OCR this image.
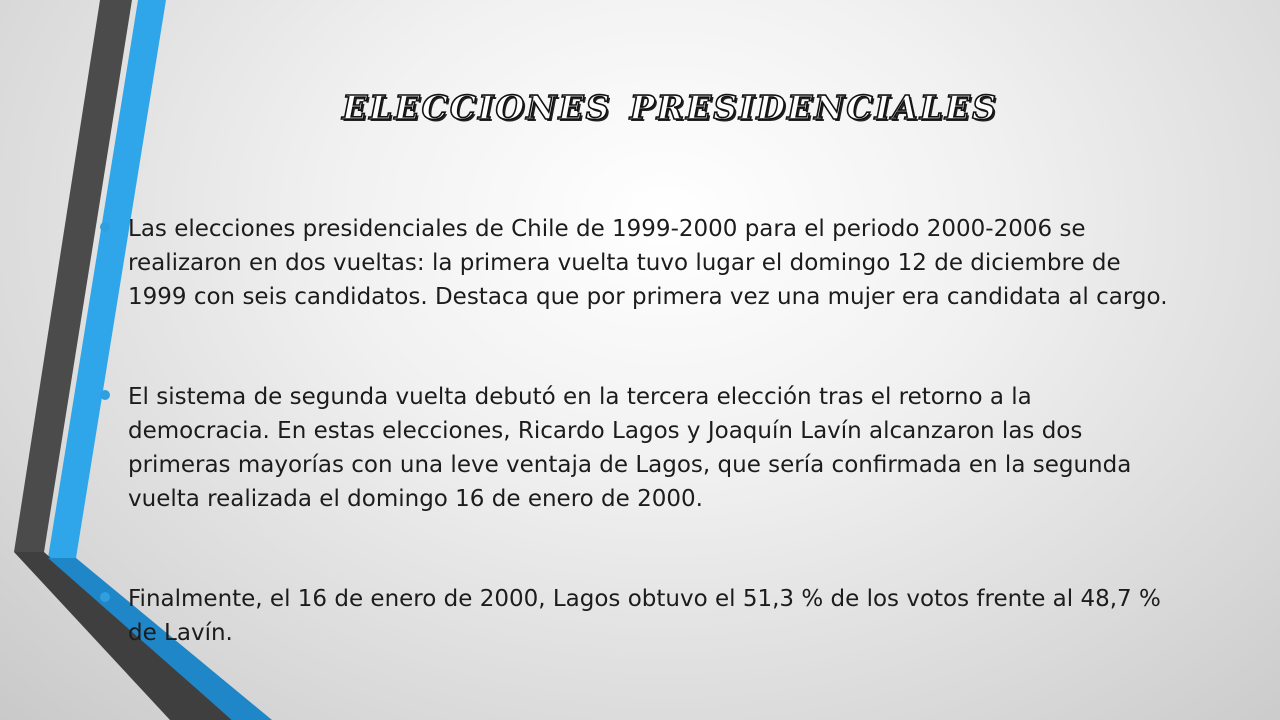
elecciones presidenciales
Las elecciones presidenciales de Chile de 1999-2000 para el periodo 2000-2006 se realizaron en dos vueltas: la primera vuelta tuvo lugar el domingo 12 de diciembre de 1999 con seis candidatos. Destaca que por primera vez una mujer era candidata al cargo.
El sistema de segunda vuelta debutó en la tercera elección tras el retorno a la democracia. En estas elecciones, Ricardo Lagos y Joaquín Lavín alcanzaron las dos primeras mayorías con una leve ventaja de Lagos, que sería confirmada en la segunda vuelta realizada el domingo 16 de enero de 2000.
Finalmente, el 16 de enero de 2000, Lagos obtuvo el 51,3 % de los votos frente al 48,7 % de Lavín.
